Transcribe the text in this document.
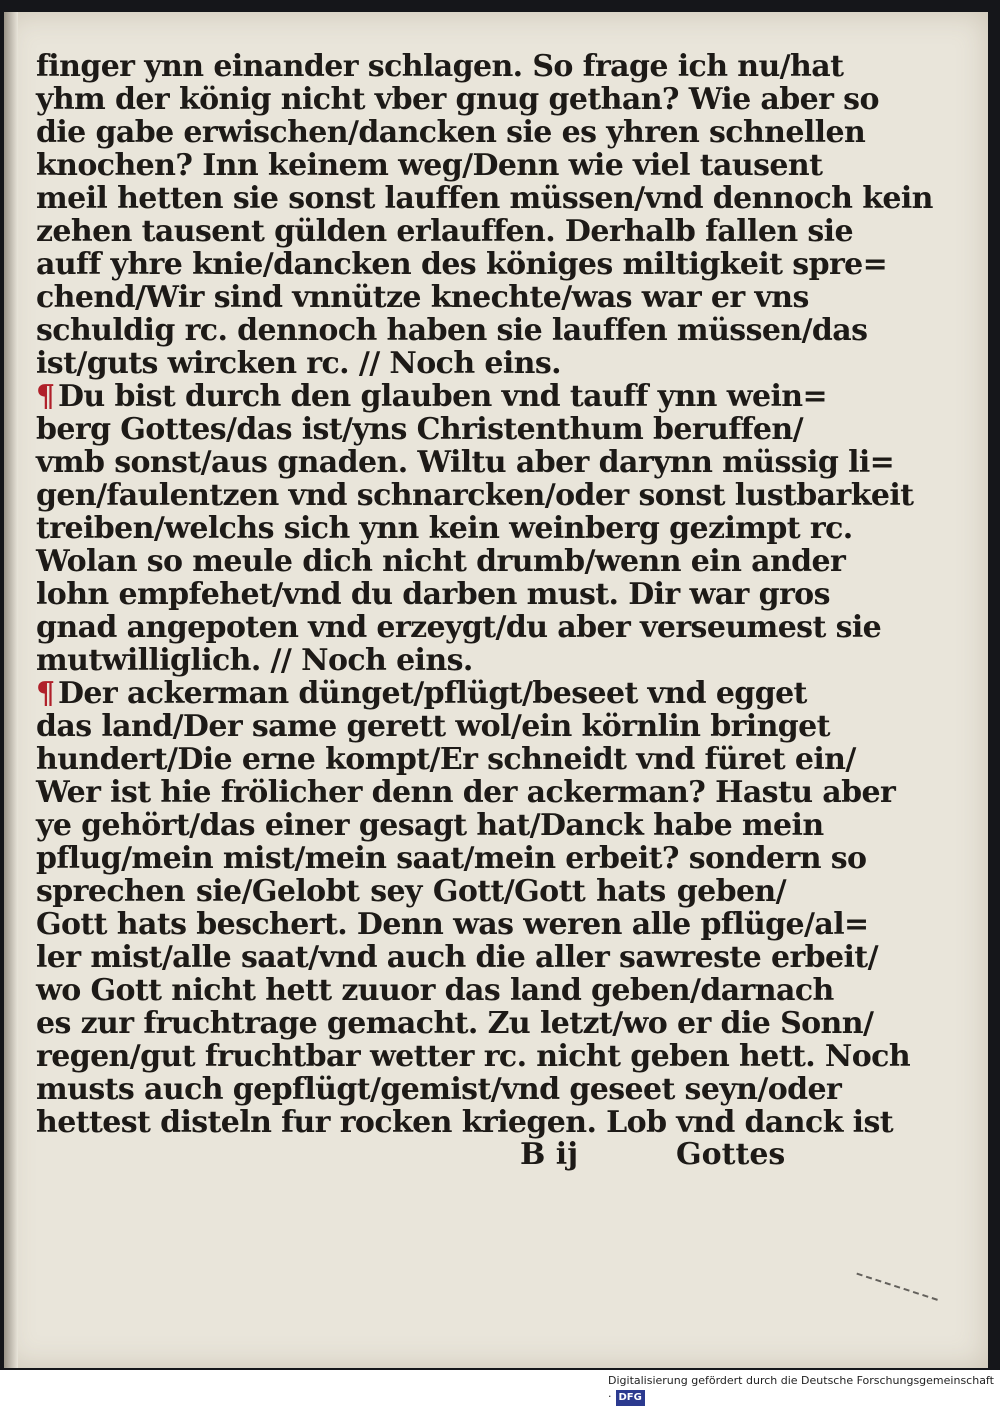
finger ynn einander schlagen. So frage ich nu/hat
yhm der könig nicht vber gnug gethan? Wie aber so
die gabe erwischen/dancken sie es yhren schnellen
knochen? Inn keinem weg/Denn wie viel tausent
meil hetten sie sonst lauffen müssen/vnd dennoch kein
zehen tausent gülden erlauffen. Derhalb fallen sie
auff yhre knie/dancken des königes miltigkeit spre=
chend/Wir sind vnnütze knechte/was war er vns
schuldig rc. dennoch haben sie lauffen müssen/das
ist/guts wircken rc. // Noch eins.
¶ Du bist durch den glauben vnd tauff ynn wein=
berg Gottes/das ist/yns Christenthum beruffen/
vmb sonst/aus gnaden. Wiltu aber darynn müssig li=
gen/faulentzen vnd schnarcken/oder sonst lustbarkeit
treiben/welchs sich ynn kein weinberg gezimpt rc.
Wolan so meule dich nicht drumb/wenn ein ander
lohn empfehet/vnd du darben must. Dir war gros
gnad angepoten vnd erzeygt/du aber verseumest sie
mutwilliglich. // Noch eins.
¶ Der ackerman dünget/pflügt/beseet vnd egget
das land/Der same gerett wol/ein körnlin bringet
hundert/Die erne kompt/Er schneidt vnd füret ein/
Wer ist hie frölicher denn der ackerman? Hastu aber
ye gehört/das einer gesagt hat/Danck habe mein
pflug/mein mist/mein saat/mein erbeit? sondern so
sprechen sie/Gelobt sey Gott/Gott hats geben/
Gott hats beschert. Denn was weren alle pflüge/al=
ler mist/alle saat/vnd auch die aller sawreste erbeit/
wo Gott nicht hett zuuor das land geben/darnach
es zur fruchtrage gemacht. Zu letzt/wo er die Sonn/
regen/gut fruchtbar wetter rc. nicht geben hett. Noch
musts auch gepflügt/gemist/vnd geseet seyn/oder
hettest disteln fur rocken kriegen. Lob vnd danck ist
B ij	Gottes
Digitalisierung gefördert durch die Deutsche Forschungsgemeinschaft · DFG
